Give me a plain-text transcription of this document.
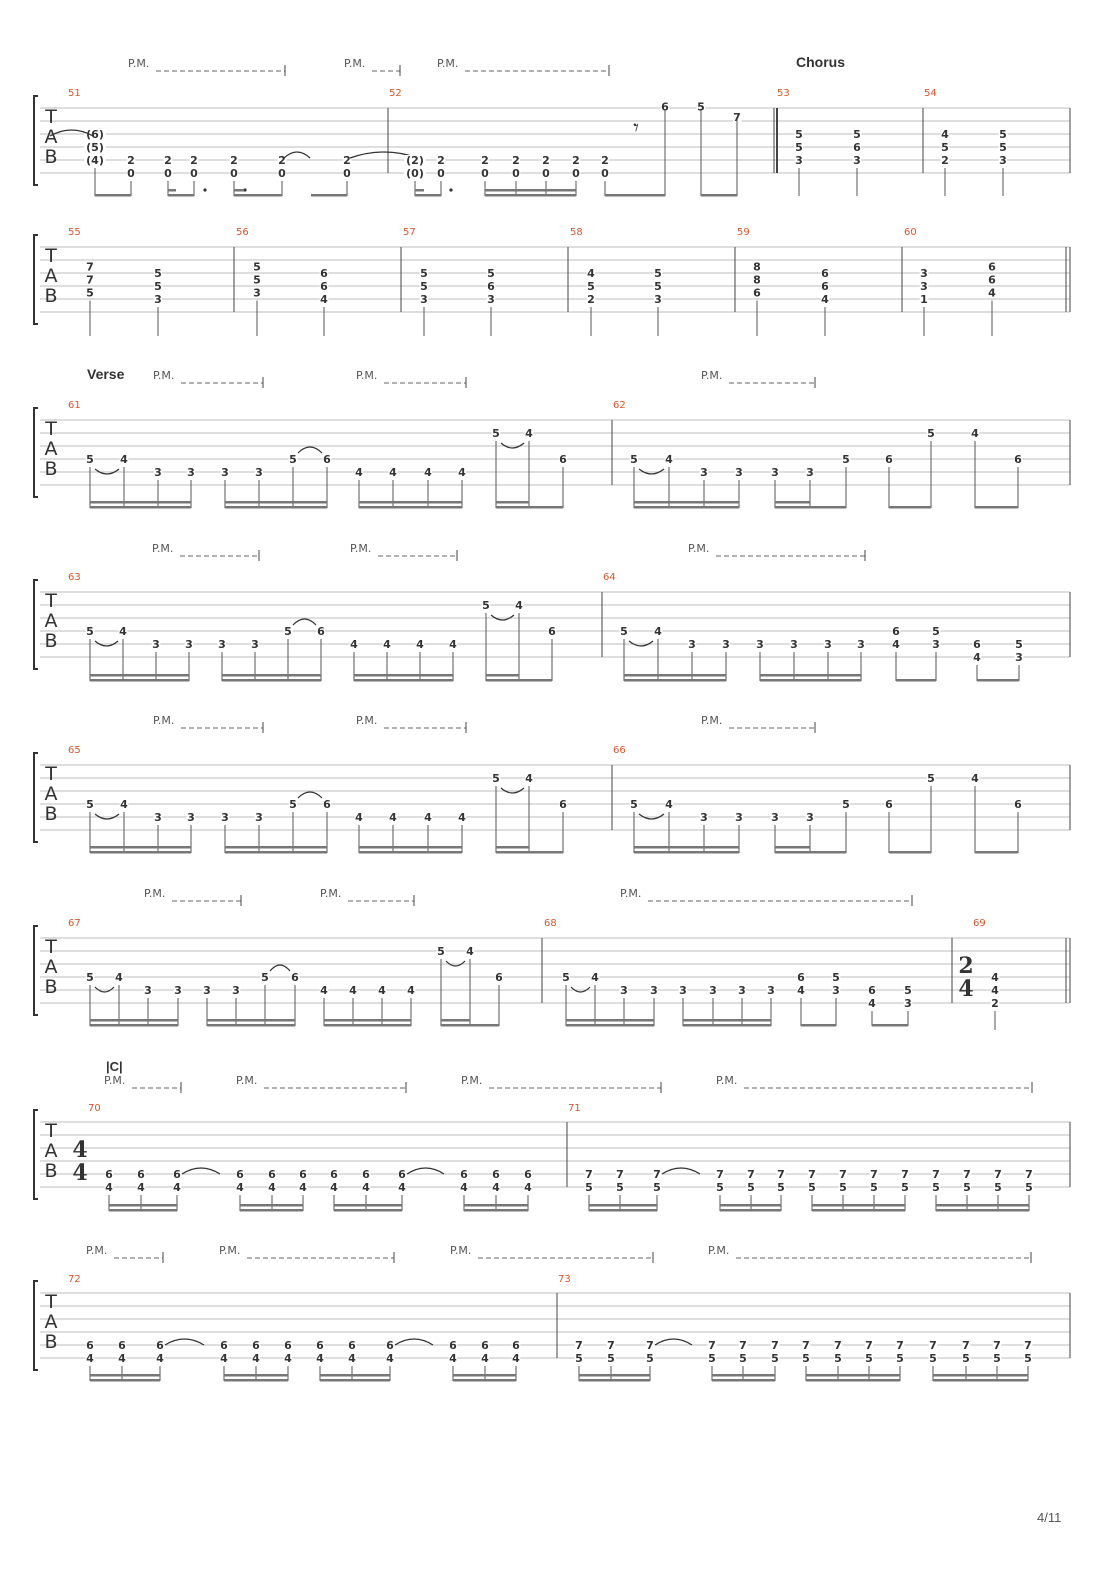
T
A
B
P.M.	P.M.	P.M.	Chorus
51	52	53	54
(6)
(5)
(4) 2
0
2
0
2
0
2
0
2
0
2
0
(2)
(0)
2
0
2
0
2
0
2
0
2
0
2
0
𝄾
6	5
7
5
5
3
5
6
3
4
5
2
5
5
3
T
A
B
55
7
7
5
5
5
3
56
5
5
3
6
6
4
57
5
5
3
5
6
3
58
4
5
2
5
5
3
59
8
8
6
6
6
4
60
3
3
1
6
6
4
T
A
B
Verse	P.M.	P.M.	P.M.
61	62
5 4
3 3 3 3
5 6
4 4 4 4
5 4
6	5 4
3 3	3 3
5	6
5	4
6
T
A
B
P.M.	P.M.	P.M.
63	64
5 4
3 3 3 3
5 6
4 4 4 4
5 4
6	5 4
3 3 3 3 3 3
6
4
5
3	6
4
5
3
T
A
B
P.M.	P.M.	P.M.
65	66
5 4
3 3 3 3
5 6
4 4 4 4
5 4
6	5 4
3 3	3 3
5	6
5	4
6
T
A
B
P.M.	P.M.	P.M.
67	68	69
5 4
3 3 3 3
5 6
4 4 4 4
5 4
6	5 4
3 3 3 3 3 3
6
4
5
3	6
4
5
3
2
4 4
4
2
T
A
B
|C|
P.M.	P.M.	P.M.	P.M.
70	71
4
4 6
4
6
4
6
4
6
4
6
4
6
4
6
4
6
4
6
4
6
4
6
4
6
4
7
5
7
5
7
5
7
5
7
5
7
5
7
5
7
5
7
5
7
5
7
5
7
5
7
5
7
5
T
A
B
P.M.	P.M.	P.M.	P.M.
72	73
6
4
6
4
6
4
6
4
6
4
6
4
6
4
6
4
6
4
6
4
6
4
6
4
7
5
7
5
7
5
7
5
7
5
7
5
7
5
7
5
7
5
7
5
7
5
7
5
7
5
7
5
4/11
